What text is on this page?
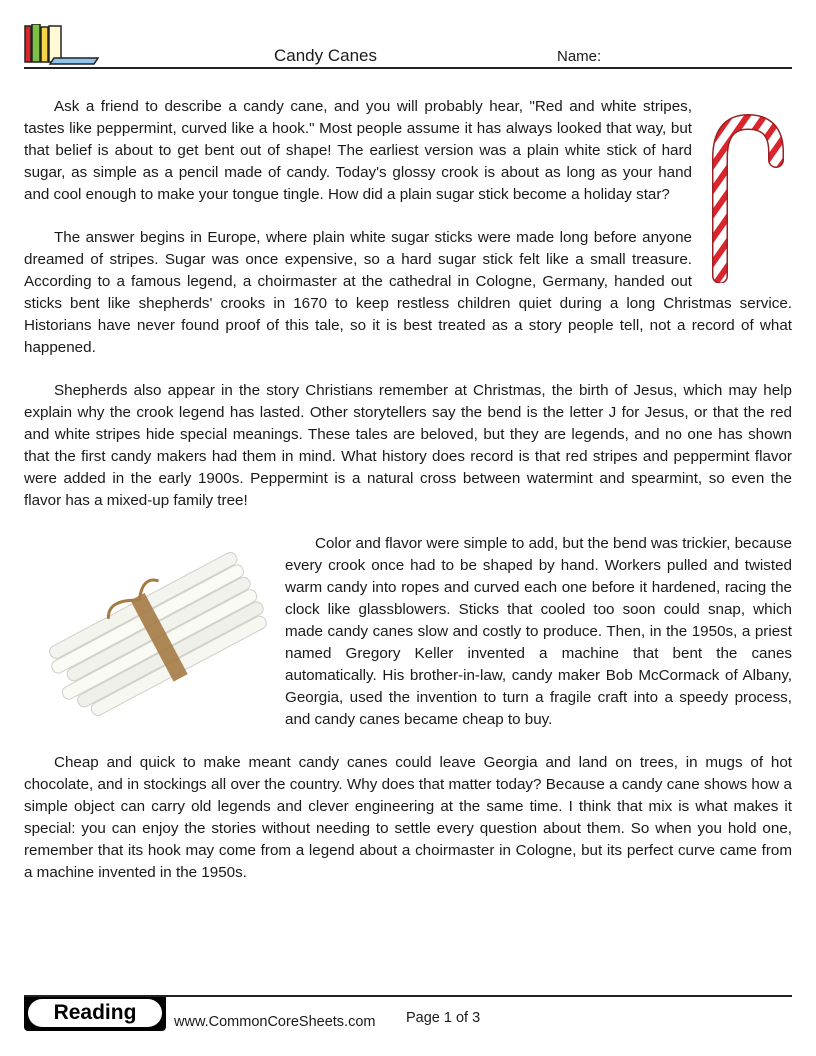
Candy Canes	Name:

Ask a friend to describe a candy cane, and you will probably hear, "Red and white stripes, tastes like peppermint, curved like a hook." Most people assume it has always looked that way, but that belief is about to get bent out of shape! The earliest version was a plain white stick of hard sugar, as simple as a pencil made of candy. Today's glossy crook is about as long as your hand and cool enough to make your tongue tingle. How did a plain sugar stick become a holiday star?

The answer begins in Europe, where plain white sugar sticks were made long before anyone dreamed of stripes. Sugar was once expensive, so a hard sugar stick felt like a small treasure. According to a famous legend, a choirmaster at the cathedral in Cologne, Germany, handed out sticks bent like shepherds' crooks in 1670 to keep restless children quiet during a long Christmas service. Historians have never found proof of this tale, so it is best treated as a story people tell, not a record of what happened.

Shepherds also appear in the story Christians remember at Christmas, the birth of Jesus, which may help explain why the crook legend has lasted. Other storytellers say the bend is the letter J for Jesus, or that the red and white stripes hide special meanings. These tales are beloved, but they are legends, and no one has shown that the first candy makers had them in mind. What history does record is that red stripes and peppermint flavor were added in the early 1900s. Peppermint is a natural cross between watermint and spearmint, so even the flavor has a mixed-up family tree!

Color and flavor were simple to add, but the bend was trickier, because every crook once had to be shaped by hand. Workers pulled and twisted warm candy into ropes and curved each one before it hardened, racing the clock like glassblowers. Sticks that cooled too soon could snap, which made candy canes slow and costly to produce. Then, in the 1950s, a priest named Gregory Keller invented a machine that bent the canes automatically. His brother-in-law, candy maker Bob McCormack of Albany, Georgia, used the invention to turn a fragile craft into a speedy process, and candy canes became cheap to buy.

Cheap and quick to make meant candy canes could leave Georgia and land on trees, in mugs of hot chocolate, and in stockings all over the country. Why does that matter today? Because a candy cane shows how a simple object can carry old legends and clever engineering at the same time. I think that mix is what makes it special: you can enjoy the stories without needing to settle every question about them. So when you hold one, remember that its hook may come from a legend about a choirmaster in Cologne, but its perfect curve came from a machine invented in the 1950s.

Reading	www.CommonCoreSheets.com Page 1 of 3
